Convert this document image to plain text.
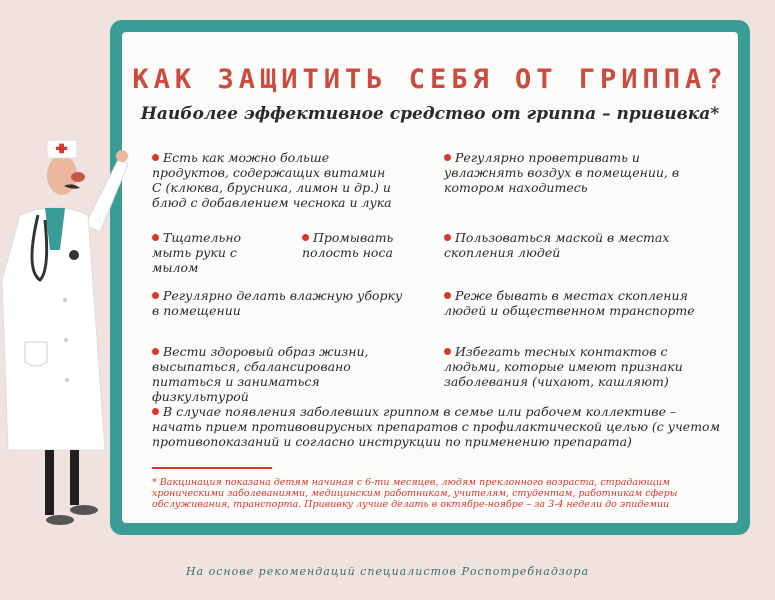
КАК ЗАЩИТИТЬ СЕБЯ ОТ ГРИППА?
Наиболее эффективное средство от гриппа – прививка*
Есть как можно больше продуктов, содержащих витамин С (клюква, брусника, лимон и др.) и блюд с добавлением чеснока и лука
Регулярно проветривать и увлажнять воздух в помещении, в котором находитесь
Тщательно мыть руки с мылом
Промывать полость носа
Пользоваться маской в местах скопления людей
Регулярно делать влажную уборку в помещении
Реже бывать в местах скопления людей и общественном транспорте
Вести здоровый образ жизни, высыпаться, сбалансировано питаться и заниматься физкультурой
Избегать тесных контактов с людьми, которые имеют признаки заболевания (чихают, кашляют)
В случае появления заболевших гриппом в семье или рабочем коллективе – начать прием противовирусных препаратов с профилактической целью (с учетом противопоказаний и согласно инструкции по применению препарата)
* Вакцинация показана детям начиная с 6-ти месяцев, людям преклонного возраста, страдающим хроническими заболеваниями, медицинским работникам, учителям, студентам, работникам сферы обслуживания, транспорта. Прививку лучше делать в октябре-ноябре – за 3-4 недели до эпидемии
На основе рекомендаций специалистов Роспотребнадзора
